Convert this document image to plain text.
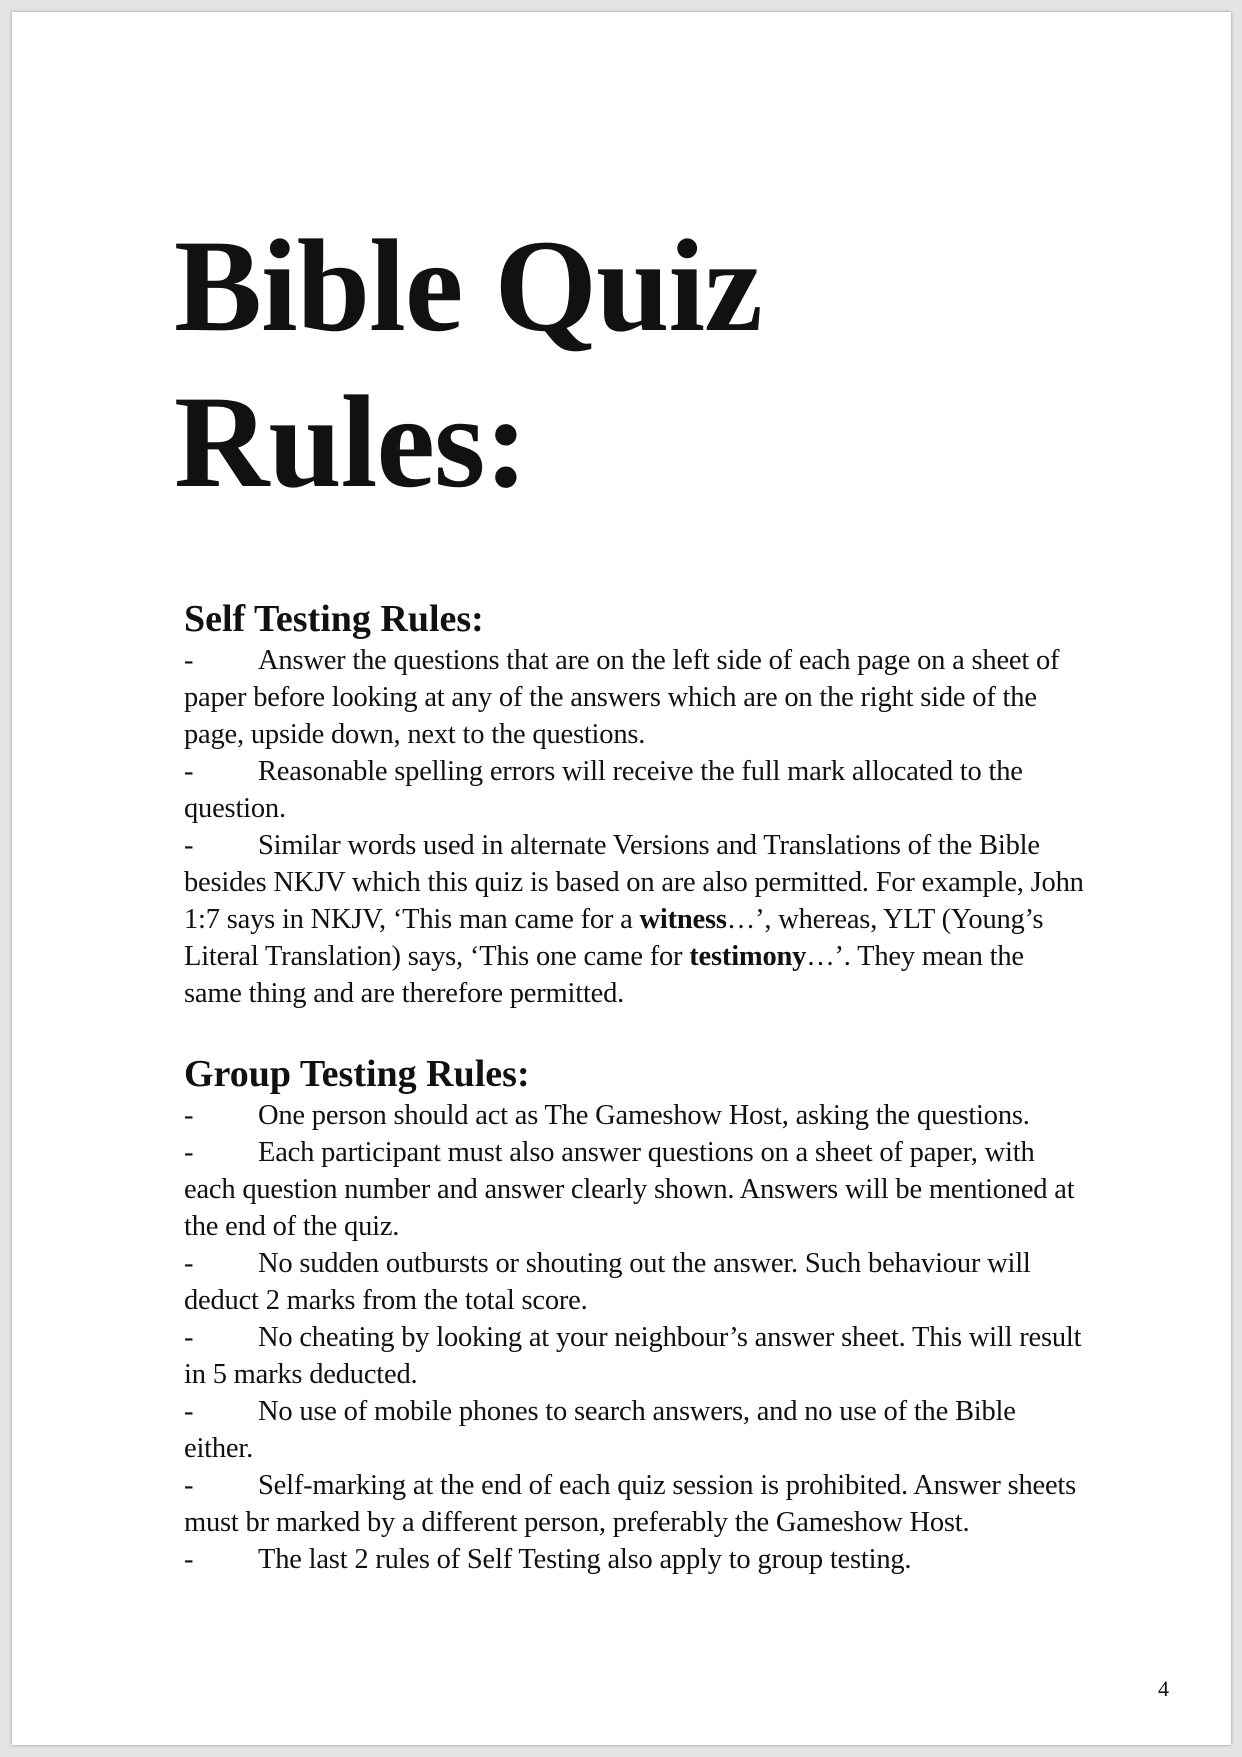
Bible Quiz
Rules:
Self Testing Rules:

- Answer the questions that are on the left side of each page on a sheet of paper before looking at any of the answers which are on the right side of the page, upside down, next to the questions.

- Reasonable spelling errors will receive the full mark allocated to the question.

- Similar words used in alternate Versions and Translations of the Bible besides NKJV which this quiz is based on are also permitted. For example, John 1:7 says in NKJV, ‘This man came for a witness…’, whereas, YLT (Young’s Literal Translation) says, ‘This one came for testimony…’. They mean the same thing and are therefore permitted.

Group Testing Rules:

- One person should act as The Gameshow Host, asking the questions.

- Each participant must also answer questions on a sheet of paper, with each question number and answer clearly shown. Answers will be mentioned at the end of the quiz.

- No sudden outbursts or shouting out the answer. Such behaviour will deduct 2 marks from the total score.

- No cheating by looking at your neighbour’s answer sheet. This will result in 5 marks deducted.

- No use of mobile phones to search answers, and no use of the Bible either.

- Self-marking at the end of each quiz session is prohibited. Answer sheets must br marked by a different person, preferably the Gameshow Host.

- The last 2 rules of Self Testing also apply to group testing.

4
